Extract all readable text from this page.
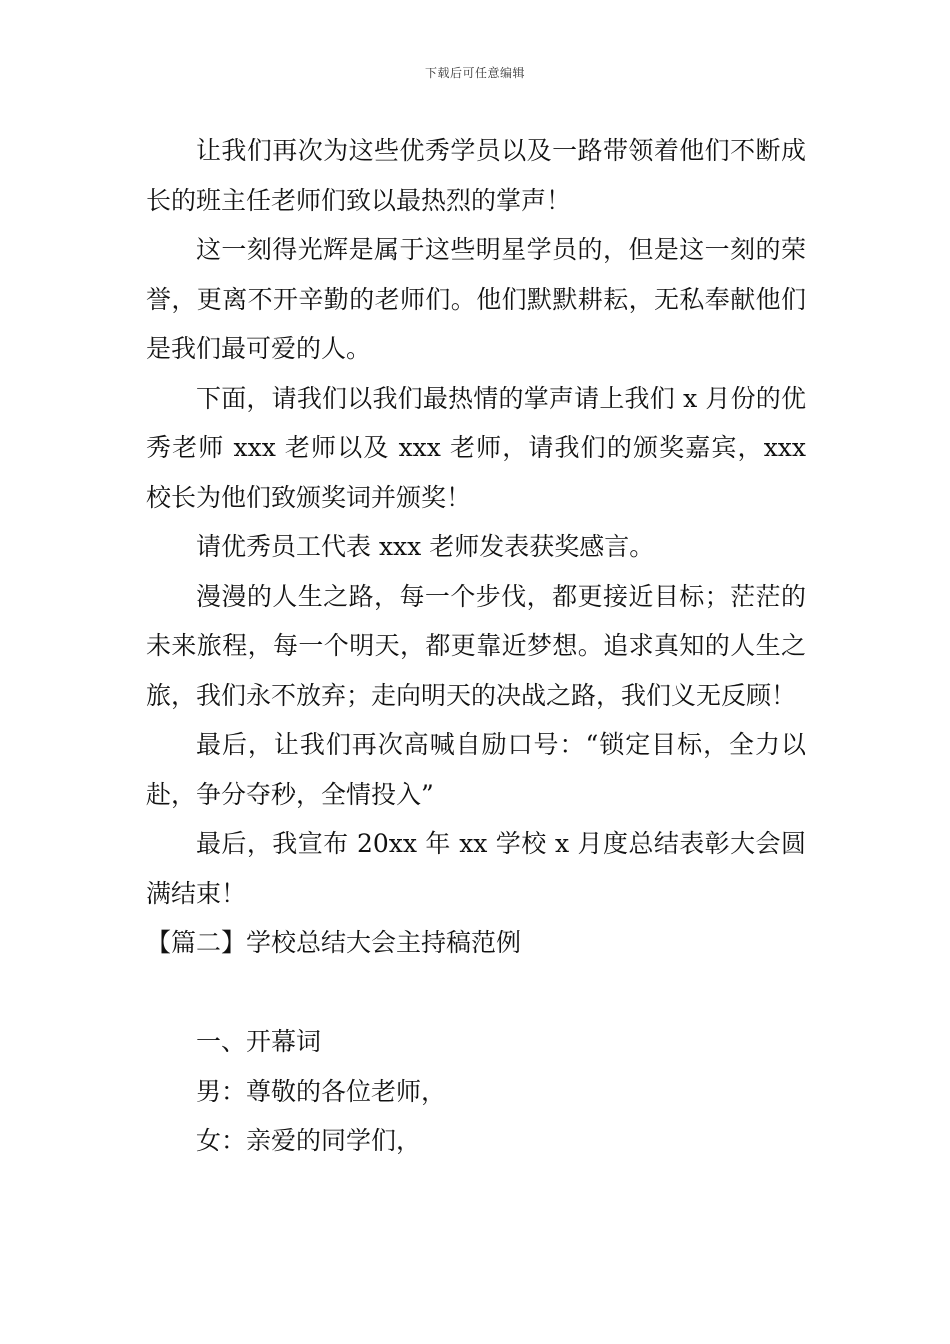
下载后可任意编辑

让我们再次为这些优秀学员以及一路带领着他们不断成长的班主任老师们致以最热烈的掌声！

这一刻得光辉是属于这些明星学员的，但是这一刻的荣誉，更离不开辛勤的老师们。他们默默耕耘，无私奉献他们是我们最可爱的人。

下面，请我们以我们最热情的掌声请上我们 x 月份的优秀老师 xxx 老师以及 xxx 老师，请我们的颁奖嘉宾，xxx 校长为他们致颁奖词并颁奖！

请优秀员工代表 xxx 老师发表获奖感言。

漫漫的人生之路，每一个步伐，都更接近目标；茫茫的未来旅程，每一个明天，都更靠近梦想。追求真知的人生之旅，我们永不放弃；走向明天的决战之路，我们义无反顾！

最后，让我们再次高喊自励口号：“锁定目标，全力以赴，争分夺秒，全情投入”

最后，我宣布 20xx 年 xx 学校 x 月度总结表彰大会圆满结束！

【篇二】学校总结大会主持稿范例

一、开幕词

男：尊敬的各位老师，

女：亲爱的同学们，
